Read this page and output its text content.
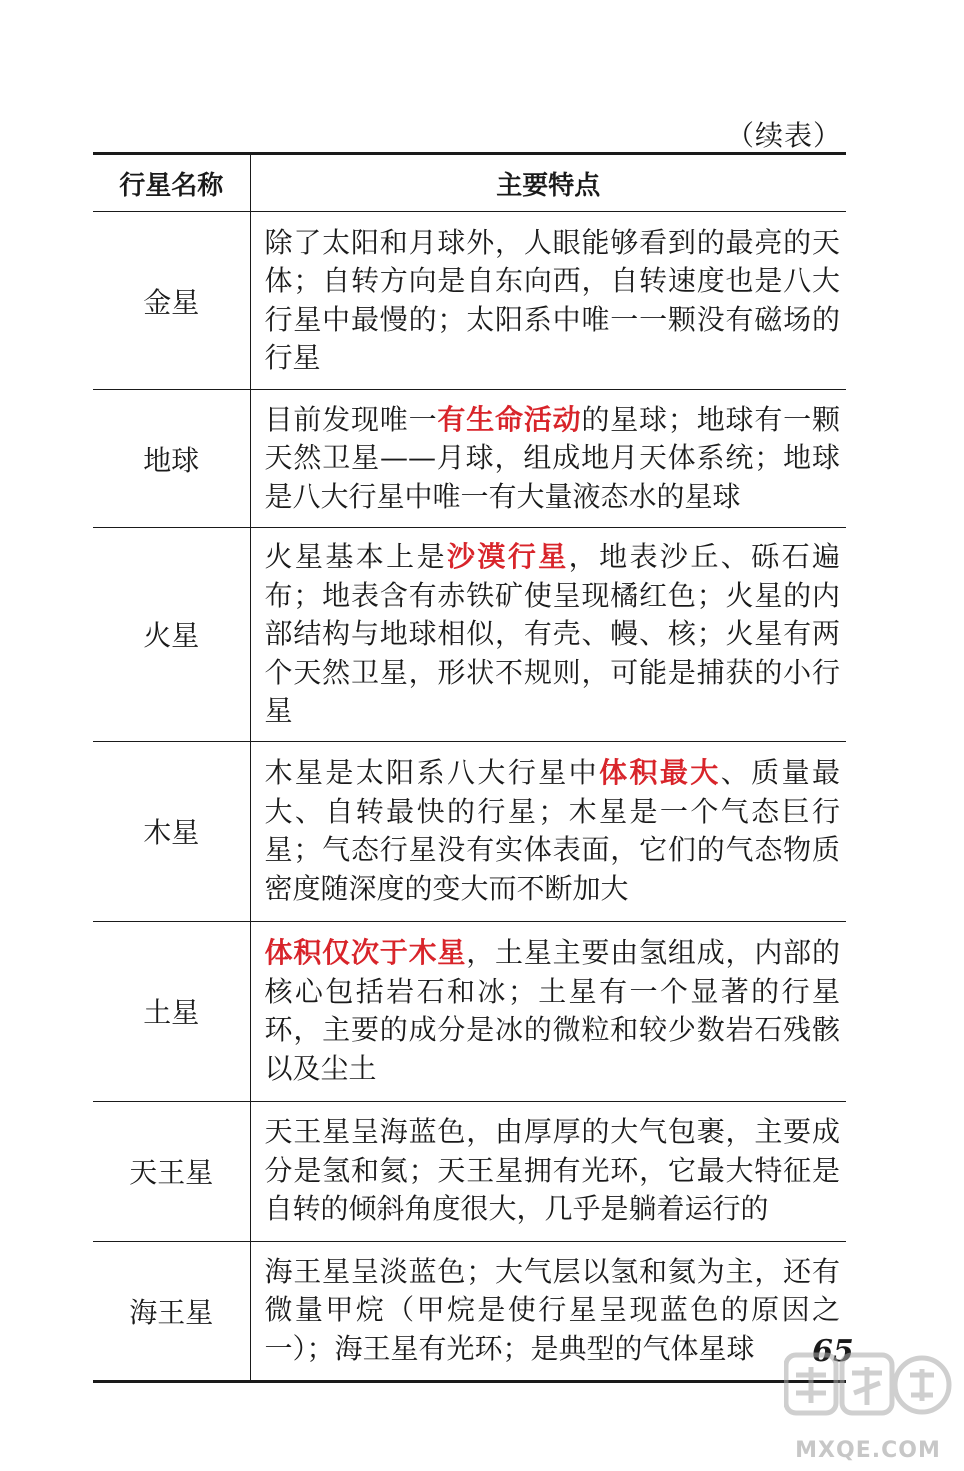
（续表）
行星名称	主要特点
金星	除了太阳和月球外，人眼能够看到的最亮的天体；自转方向是自东向西，自转速度也是八大行星中最慢的；太阳系中唯一一颗没有磁场的行星
地球	目前发现唯一有生命活动的星球；地球有一颗天然卫星——月球，组成地月天体系统；地球是八大行星中唯一有大量液态水的星球
火星	火星基本上是沙漠行星，地表沙丘、砾石遍布；地表含有赤铁矿使呈现橘红色；火星的内部结构与地球相似，有壳、幔、核；火星有两个天然卫星，形状不规则，可能是捕获的小行星
木星	木星是太阳系八大行星中体积最大、质量最大、自转最快的行星；木星是一个气态巨行星；气态行星没有实体表面，它们的气态物质密度随深度的变大而不断加大
土星	体积仅次于木星，土星主要由氢组成，内部的核心包括岩石和冰；土星有一个显著的行星环，主要的成分是冰的微粒和较少数岩石残骸以及尘土
天王星	天王星呈海蓝色，由厚厚的大气包裹，主要成分是氢和氦；天王星拥有光环，它最大特征是自转的倾斜角度很大，几乎是躺着运行的
海王星	海王星呈淡蓝色；大气层以氢和氦为主，还有微量甲烷（甲烷是使行星呈现蓝色的原因之一）；海王星有光环；是典型的气体星球 65
MXQE.COM
